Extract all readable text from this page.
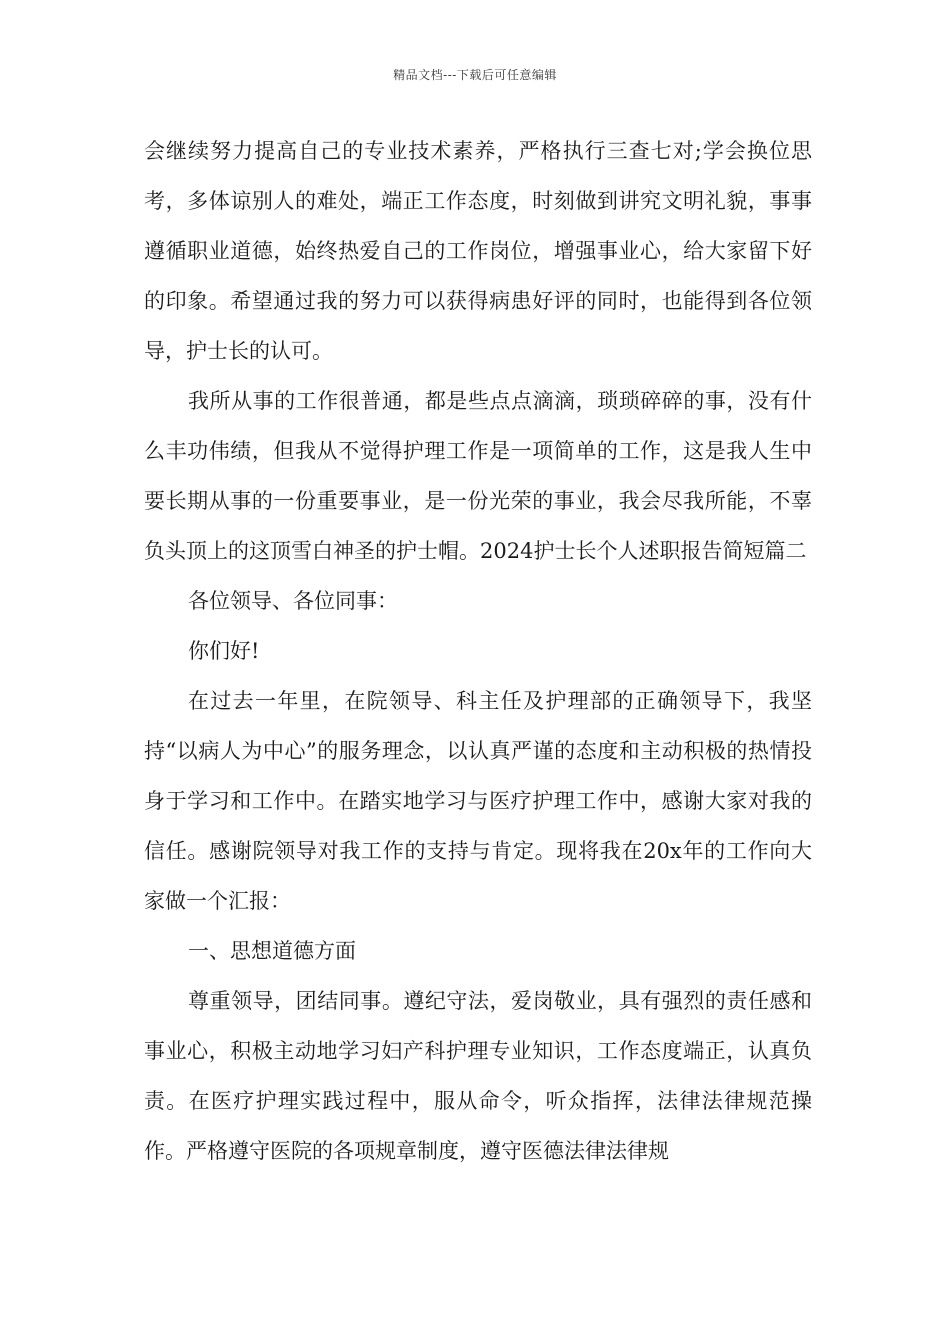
精品文档---下载后可任意编辑

会继续努力提高自己的专业技术素养，严格执行三查七对;学会换位思考，多体谅别人的难处，端正工作态度，时刻做到讲究文明礼貌，事事遵循职业道德，始终热爱自己的工作岗位，增强事业心，给大家留下好的印象。希望通过我的努力可以获得病患好评的同时，也能得到各位领导，护士长的认可。

我所从事的工作很普通，都是些点点滴滴，琐琐碎碎的事，没有什么丰功伟绩，但我从不觉得护理工作是一项简单的工作，这是我人生中要长期从事的一份重要事业，是一份光荣的事业，我会尽我所能，不辜负头顶上的这顶雪白神圣的护士帽。2024护士长个人述职报告简短篇二

各位领导、各位同事：

你们好!

在过去一年里，在院领导、科主任及护理部的正确领导下，我坚持“以病人为中心”的服务理念，以认真严谨的态度和主动积极的热情投身于学习和工作中。在踏实地学习与医疗护理工作中，感谢大家对我的信任。感谢院领导对我工作的支持与肯定。现将我在20x年的工作向大家做一个汇报：

一、思想道德方面

尊重领导，团结同事。遵纪守法，爱岗敬业，具有强烈的责任感和事业心，积极主动地学习妇产科护理专业知识，工作态度端正，认真负责。在医疗护理实践过程中，服从命令，听众指挥，法律法律规范操作。严格遵守医院的各项规章制度，遵守医德法律法律规
